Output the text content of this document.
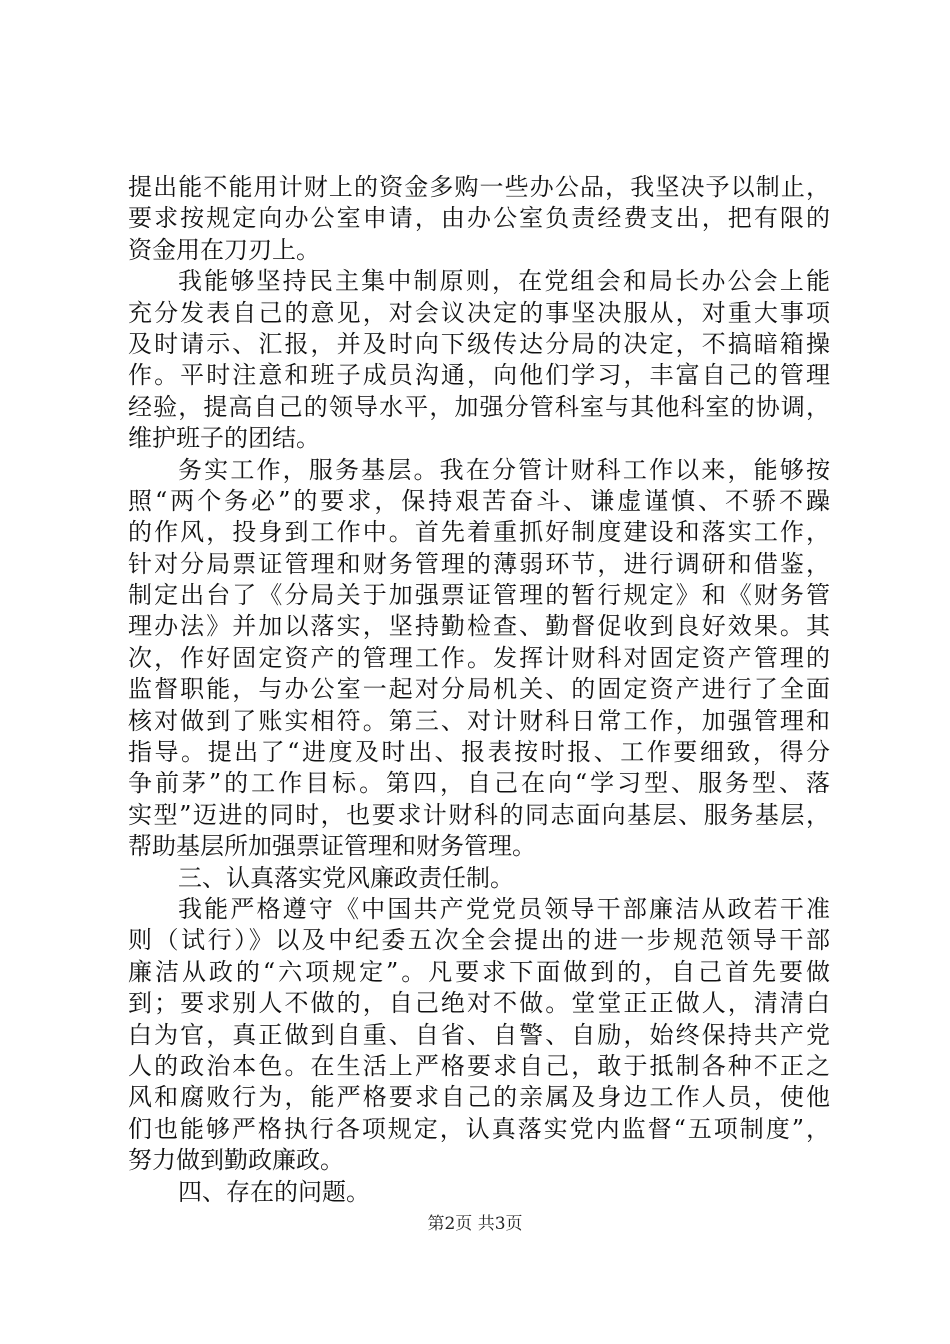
提出能不能用计财上的资金多购一些办公品，我坚决予以制止，
要求按规定向办公室申请，由办公室负责经费支出，把有限的
资金用在刀刃上。
我能够坚持民主集中制原则，在党组会和局长办公会上能
充分发表自己的意见，对会议决定的事坚决服从，对重大事项
及时请示、汇报，并及时向下级传达分局的决定，不搞暗箱操
作。平时注意和班子成员沟通，向他们学习，丰富自己的管理
经验，提高自己的领导水平，加强分管科室与其他科室的协调，
维护班子的团结。
务实工作，服务基层。我在分管计财科工作以来，能够按
照“两个务必”的要求，保持艰苦奋斗、谦虚谨慎、不骄不躁
的作风，投身到工作中。首先着重抓好制度建设和落实工作，
针对分局票证管理和财务管理的薄弱环节，进行调研和借鉴，
制定出台了《分局关于加强票证管理的暂行规定》和《财务管
理办法》并加以落实，坚持勤检查、勤督促收到良好效果。其
次，作好固定资产的管理工作。发挥计财科对固定资产管理的
监督职能，与办公室一起对分局机关、的固定资产进行了全面
核对做到了账实相符。第三、对计财科日常工作，加强管理和
指导。提出了“进度及时出、报表按时报、工作要细致，得分
争前茅”的工作目标。第四，自己在向“学习型、服务型、落
实型”迈进的同时，也要求计财科的同志面向基层、服务基层，
帮助基层所加强票证管理和财务管理。
三、认真落实党风廉政责任制。
我能严格遵守《中国共产党党员领导干部廉洁从政若干准
则（试行）》以及中纪委五次全会提出的进一步规范领导干部
廉洁从政的“六项规定”。凡要求下面做到的，自己首先要做
到；要求别人不做的，自己绝对不做。堂堂正正做人，清清白
白为官，真正做到自重、自省、自警、自励，始终保持共产党
人的政治本色。在生活上严格要求自己，敢于抵制各种不正之
风和腐败行为，能严格要求自己的亲属及身边工作人员，使他
们也能够严格执行各项规定，认真落实党内监督“五项制度”，
努力做到勤政廉政。
四、存在的问题。
第2页 共3页
